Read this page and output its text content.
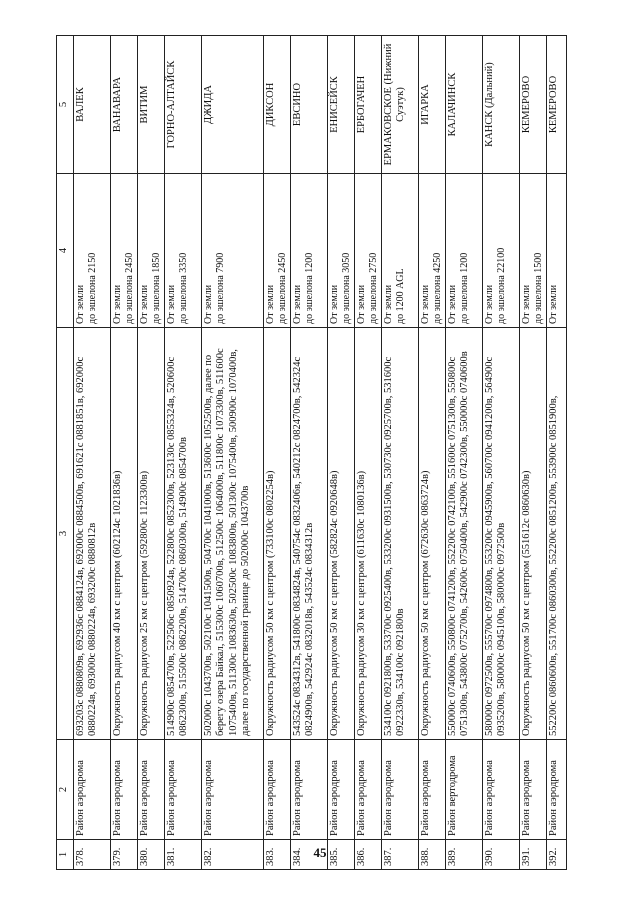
45
1	2	3	4	5
378.	Район аэродрома	693203с 0880809в, 692936с 0884124в, 692000с 0884500в, 691621с 0881851в, 692000с 0880224в, 693000с 0880224в, 693200с 0880812в	От земли до эшелона 2150	ВАЛЕК
379.	Район аэродрома	Окружность радиусом 40 км с центром (602124с 1021836в)	От земли до эшелона 2450	ВАНАВАРА
380.	Район аэродрома	Окружность радиусом 25 км с центром (592800с 1123300в)	От земли до эшелона 1850	ВИТИМ
381.	Район аэродрома	514900с 0854700в, 522506с 0850924в, 522800с 0852300в, 523130с 0855324в, 520600с 0862300в, 515500с 0862200в, 514700с 0860300в, 514900с 0854700в	От земли до эшелона 3350	ГОРНО-АЛТАЙСК
382.	Район аэродрома	502000с 1043700в, 502100с 1041500в, 504700с 1041000в, 513600с 1052500в, далее по берегу озера Байкал, 515300с 1060700в, 512500с 1064000в, 511800с 1073300в, 511600с 1075400в, 511300с 1083630в, 502500с 1083800в, 501300с 1075400в, 500900с 1070400в, далее по государственной границе до 502000с 1043700в	От земли до эшелона 7900	ДЖИДА
383.	Район аэродрома	Окружность радиусом 50 км с центром (733100с 0802254в)	От земли до эшелона 2450	ДИКСОН
384.	Район аэродрома	543524с 0834312в, 541800с 0834824в, 540754с 0832406в, 540212с 0824700в, 542324с 0824900в, 542924с 0832018в, 543524с 0834312в	От земли до эшелона 1200	ЕВСИНО
385.	Район аэродрома	Окружность радиусом 50 км с центром (582824с 0920648в)	От земли до эшелона 3050	ЕНИСЕЙСК
386.	Район аэродрома	Окружность радиусом 30 км с центром (611630с 1080136в)	От земли до эшелона 2750	ЕРБОГАЧЕН
387.	Район аэродрома	534100с 0921800в, 533700с 0925400в, 533200с 0931500в, 530730с 0925700в, 531600с 0922330в, 534100с 0921800в	От земли до 1200 AGL	ЕРМАКОВСКОЕ (Нижний Суэтук)
388.	Район аэродрома	Окружность радиусом 50 км с центром (672630с 0863724в)	От земли до эшелона 4250	ИГАРКА
389.	Район вертодрома	550000с 0740600в, 550800с 0741200в, 552200с 0742100в, 551600с 0751300в, 550800с 0751300в, 543800с 0752700в, 542600с 0750400в, 542900с 0742300в, 550000с 0740600в	От земли до эшелона 1200	КАЛАЧИНСК
390.	Район аэродрома	580000с 0972500в, 555700с 0974800в, 553200с 0945900в, 560700с 0941200в, 564900с 0935200в, 580000с 0945100в, 580000с 0972500в	От земли до эшелона 22100	КАНСК (Дальний)
391.	Район аэродрома	Окружность радиусом 50 км с центром (551612с 0860630в)	От земли до эшелона 1500	КЕМЕРОВО
392.	Район аэродрома	552200с 0860600в, 551700с 0860300в, 552200с 0851200в, 553900с 0851900в,	От земли	КЕМЕРОВО
